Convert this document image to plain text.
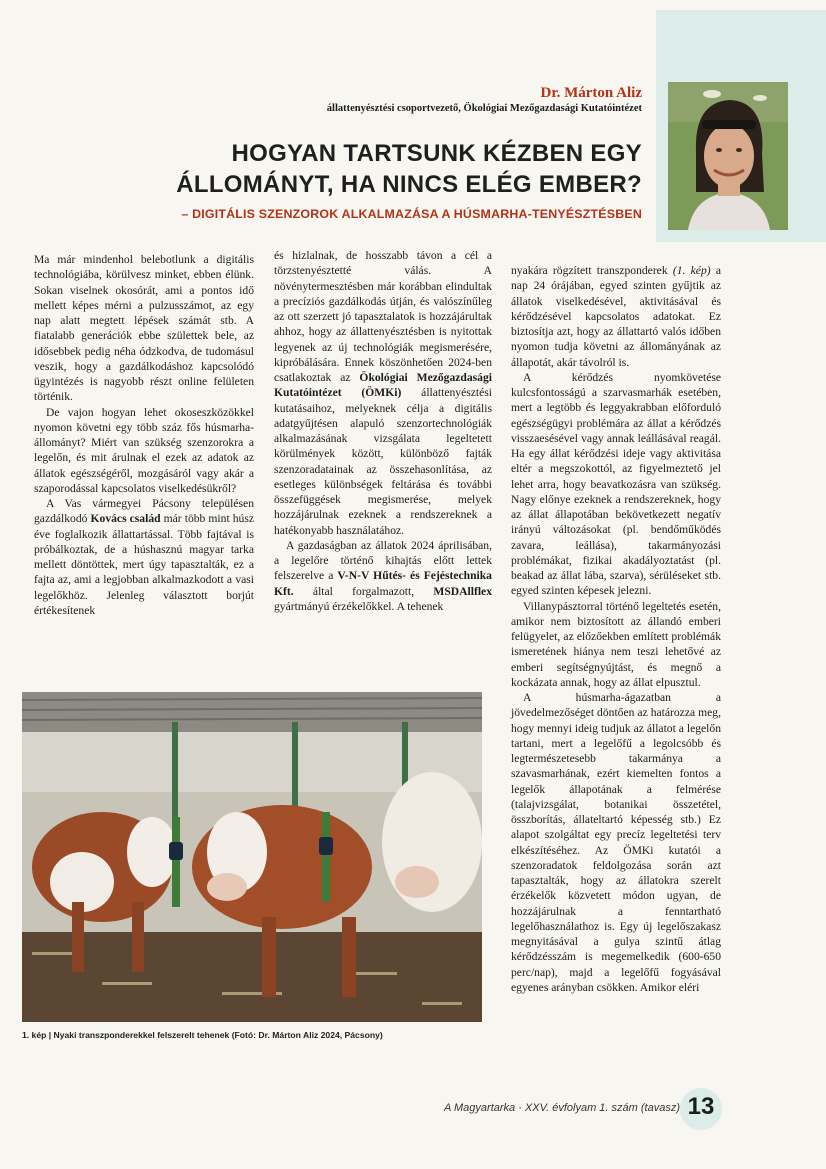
Dr. Márton Aliz
állattenyésztési csoportvezető, Ökológiai Mezőgazdasági Kutatóintézet
HOGYAN TARTSUNK KÉZBEN EGY
ÁLLOMÁNYT, HA NINCS ELÉG EMBER?
– DIGITÁLIS SZENZOROK ALKALMAZÁSA A HÚSMARHA-TENYÉSZTÉSBEN

Ma már mindenhol belebotlunk a digitális technológiába, körülvesz minket, ebben élünk. Sokan viselnek okosórát, ami a pontos idő mellett képes mérni a pulzusszámot, az egy nap alatt megtett lépések számát stb. A fiatalabb generációk ebbe születtek bele, az idősebbek pedig néha ódzkodva, de tudomásul veszik, hogy a gazdálkodáshoz kapcsolódó ügyintézés is nagyobb részt online felületen történik.

De vajon hogyan lehet okoseszközökkel nyomon követni egy több száz fős húsmarha-állományt? Miért van szükség szenzorokra a legelőn, és mit árulnak el ezek az adatok az állatok egészségéről, mozgásáról vagy akár a szaporodással kapcsolatos viselkedésükről?

A Vas vármegyei Pácsony településen gazdálkodó Kovács család már több mint húsz éve foglalkozik állattartással. Több fajtával is próbálkoztak, de a húshasznú magyar tarka mellett döntöttek, mert úgy tapasztalták, ez a fajta az, ami a legjobban alkalmazkodott a vasi legelőkhöz. Jelenleg választott borjút értékesítenek

és hizlalnak, de hosszabb távon a cél a törzstenyésztetté válás. A növénytermesztésben már korábban elindultak a precíziós gazdálkodás útján, és valószínűleg az ott szerzett jó tapasztalatok is hozzájárultak ahhoz, hogy az állattenyésztésben is nyitottak legyenek az új technológiák megismerésére, kipróbálására. Ennek köszönhetően 2024-ben csatlakoztak az Ökológiai Mezőgazdasági Kutatóintézet (ÖMKi) állattenyésztési kutatásaihoz, melyeknek célja a digitális adatgyűjtésen alapuló szenzortechnológiák alkalmazásának vizsgálata legeltetett körülmények között, különböző fajták szenzoradatainak az összehasonlítása, az esetleges különbségek feltárása és további összefüggések megismerése, melyek hozzájárulnak ezeknek a rendszereknek a hatékonyabb használatához.

A gazdaságban az állatok 2024 áprilisában, a legelőre történő kihajtás előtt lettek felszerelve a V-N-V Hűtés- és Fejéstechnika Kft. által forgalmazott, MSDAllflex gyártmányú érzékelőkkel. A tehenek

nyakára rögzített transzponderek (1. kép) a nap 24 órájában, egyed szinten gyűjtik az állatok viselkedésével, aktivitásával és kérődzésével kapcsolatos adatokat. Ez biztosítja azt, hogy az állattartó valós időben nyomon tudja követni az állományának az állapotát, akár távolról is.

A kérődzés nyomkövetése kulcsfontosságú a szarvasmarhák esetében, mert a legtöbb és leggyakrabban előforduló egészségügyi problémára az állat a kérődzés visszaesésével vagy annak leállásával reagál. Ha egy állat kérődzési ideje vagy aktivitása eltér a megszokottól, az figyelmeztető jel lehet arra, hogy beavatkozásra van szükség. Nagy előnye ezeknek a rendszereknek, hogy az állat állapotában bekövetkezett negatív irányú változásokat (pl. bendőműködés zavara, leállása), takarmányozási problémákat, fizikai akadályoztatást (pl. beakad az állat lába, szarva), sérüléseket stb. egyed szinten képesek jelezni.

Villanypásztorral történő legeltetés esetén, amikor nem biztosított az állandó emberi felügyelet, az előzőekben említett problémák ismeretének hiánya nem teszi lehetővé az emberi segítségnyújtást, és megnő a kockázata annak, hogy az állat elpusztul.

A húsmarha-ágazatban a jövedelmezőséget döntően az határozza meg, hogy mennyi ideig tudjuk az állatot a legelőn tartani, mert a legelőfű a legolcsóbb és legtermészetesebb takarmánya a szavasmarhának, ezért kiemelten fontos a legelők állapotának a felmérése (talajvizsgálat, botanikai összetétel, összborítás, állateltartó képesség stb.) Ez alapot szolgáltat egy precíz legeltetési terv elkészítéséhez. Az ÖMKi kutatói a szenzoradatok feldolgozása során azt tapasztalták, hogy az állatokra szerelt érzékelők közvetett módon ugyan, de hozzájárulnak a fenntartható legelőhasználathoz is. Egy új legelőszakasz megnyitásával a gulya szintű átlag kérődzésszám is megemelkedik (600-650 perc/nap), majd a legelőfű fogyásával egyenes arányban csökken. Amikor eléri

1. kép | Nyaki transzponderekkel felszerelt tehenek (Fotó: Dr. Márton Aliz 2024, Pácsony)
A Magyartarka · XXV. évfolyam 1. szám (tavasz) 13
